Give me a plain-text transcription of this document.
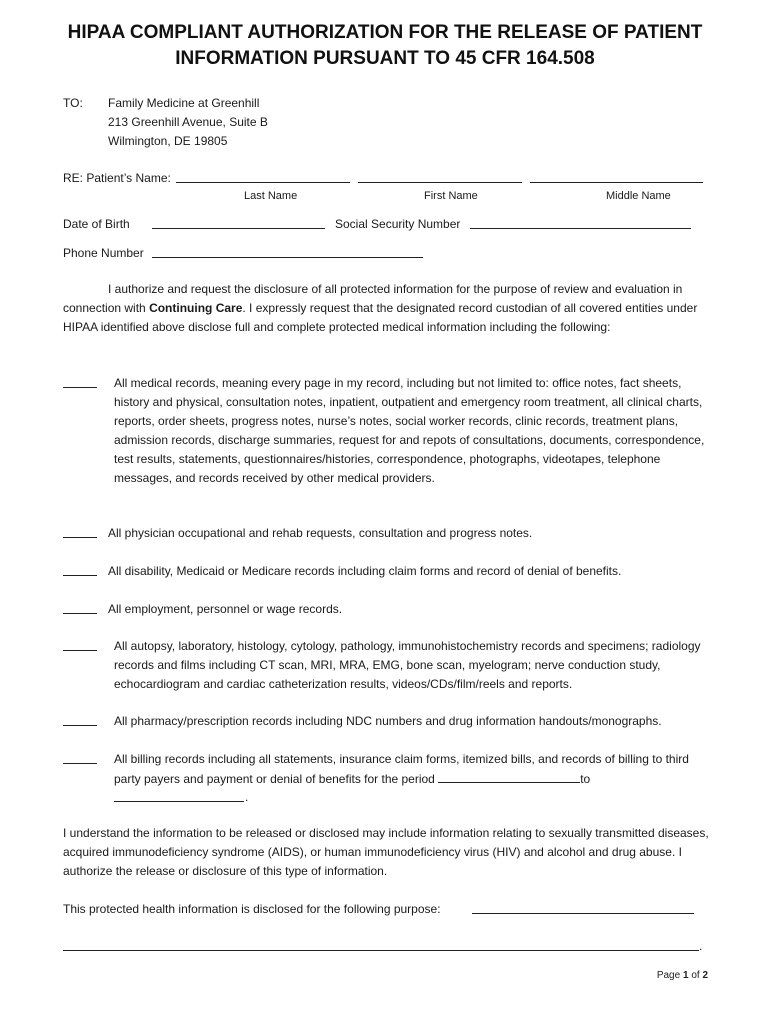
HIPAA COMPLIANT AUTHORIZATION FOR THE RELEASE OF PATIENT
INFORMATION PURSUANT TO 45 CFR 164.508
TO: Family Medicine at Greenhill
213 Greenhill Avenue, Suite B
Wilmington, DE 19805
RE: Patient’s Name:
Last Name	First Name	Middle Name
Date of Birth	Social Security Number
Phone Number
I authorize and request the disclosure of all protected information for the purpose of review and evaluation in connection with Continuing Care. I expressly request that the designated record custodian of all covered entities under HIPAA identified above disclose full and complete protected medical information including the following:
All medical records, meaning every page in my record, including but not limited to: office notes, fact sheets, history and physical, consultation notes, inpatient, outpatient and emergency room treatment, all clinical charts, reports, order sheets, progress notes, nurse’s notes, social worker records, clinic records, treatment plans, admission records, discharge summaries, request for and repots of consultations, documents, correspondence, test results, statements, questionnaires/histories, correspondence, photographs, videotapes, telephone messages, and records received by other medical providers.
All physician occupational and rehab requests, consultation and progress notes.
All disability, Medicaid or Medicare records including claim forms and record of denial of benefits.
All employment, personnel or wage records.
All autopsy, laboratory, histology, cytology, pathology, immunohistochemistry records and specimens; radiology records and films including CT scan, MRI, MRA, EMG, bone scan, myelogram; nerve conduction study, echocardiogram and cardiac catheterization results, videos/CDs/film/reels and reports.
All pharmacy/prescription records including NDC numbers and drug information handouts/monographs.
All billing records including all statements, insurance claim forms, itemized bills, and records of billing to third party payers and payment or denial of benefits for the period	to
.
I understand the information to be released or disclosed may include information relating to sexually transmitted diseases, acquired immunodeficiency syndrome (AIDS), or human immunodeficiency virus (HIV) and alcohol and drug abuse. I authorize the release or disclosure of this type of information.
This protected health information is disclosed for the following purpose:
.
Page 1 of 2
